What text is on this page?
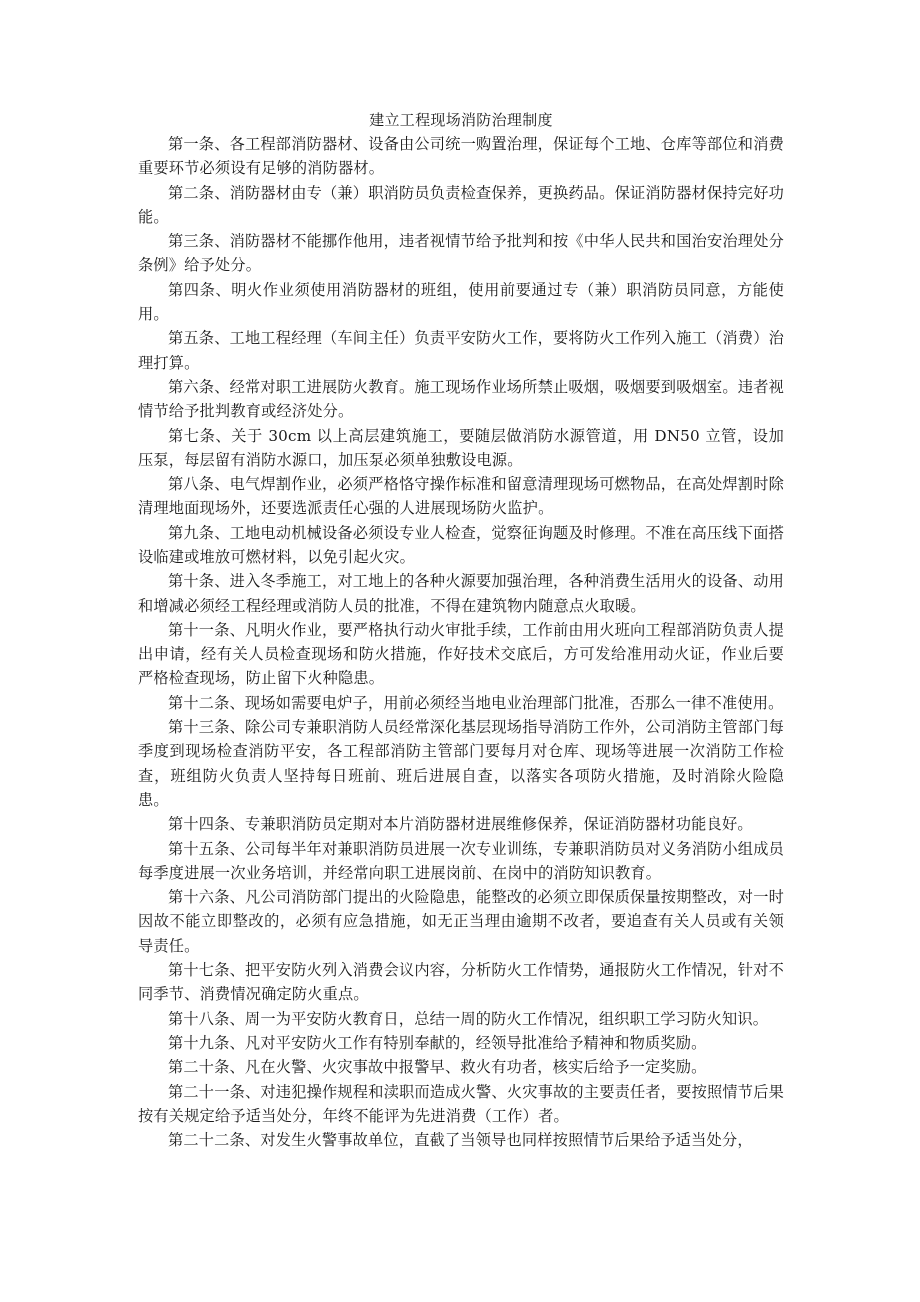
建立工程现场消防治理制度

第一条、各工程部消防器材、设备由公司统一购置治理，保证每个工地、仓库等部位和消费重要环节必须设有足够的消防器材。

第二条、消防器材由专（兼）职消防员负责检查保养，更换药品。保证消防器材保持完好功能。

第三条、消防器材不能挪作他用，违者视情节给予批判和按《中华人民共和国治安治理处分条例》给予处分。

第四条、明火作业须使用消防器材的班组，使用前要通过专（兼）职消防员同意，方能使用。

第五条、工地工程经理（车间主任）负责平安防火工作，要将防火工作列入施工（消费）治理打算。

第六条、经常对职工进展防火教育。施工现场作业场所禁止吸烟，吸烟要到吸烟室。违者视情节给予批判教育或经济处分。

第七条、关于 30cm 以上高层建筑施工，要随层做消防水源管道，用 DN50 立管，设加压泵，每层留有消防水源口，加压泵必须单独敷设电源。

第八条、电气焊割作业，必须严格恪守操作标准和留意清理现场可燃物品，在高处焊割时除清理地面现场外，还要选派责任心强的人进展现场防火监护。

第九条、工地电动机械设备必须设专业人检查，觉察征询题及时修理。不准在高压线下面搭设临建或堆放可燃材料，以免引起火灾。

第十条、进入冬季施工，对工地上的各种火源要加强治理，各种消费生活用火的设备、动用和增减必须经工程经理或消防人员的批准，不得在建筑物内随意点火取暖。

第十一条、凡明火作业，要严格执行动火审批手续，工作前由用火班向工程部消防负责人提出申请，经有关人员检查现场和防火措施，作好技术交底后，方可发给准用动火证，作业后要严格检查现场，防止留下火种隐患。

第十二条、现场如需要电炉子，用前必须经当地电业治理部门批准，否那么一律不准使用。

第十三条、除公司专兼职消防人员经常深化基层现场指导消防工作外，公司消防主管部门每季度到现场检查消防平安，各工程部消防主管部门要每月对仓库、现场等进展一次消防工作检查，班组防火负责人坚持每日班前、班后进展自查，以落实各项防火措施，及时消除火险隐患。

第十四条、专兼职消防员定期对本片消防器材进展维修保养，保证消防器材功能良好。

第十五条、公司每半年对兼职消防员进展一次专业训练，专兼职消防员对义务消防小组成员每季度进展一次业务培训，并经常向职工进展岗前、在岗中的消防知识教育。

第十六条、凡公司消防部门提出的火险隐患，能整改的必须立即保质保量按期整改，对一时因故不能立即整改的，必须有应急措施，如无正当理由逾期不改者，要追查有关人员或有关领导责任。

第十七条、把平安防火列入消费会议内容，分析防火工作情势，通报防火工作情况，针对不同季节、消费情况确定防火重点。

第十八条、周一为平安防火教育日，总结一周的防火工作情况，组织职工学习防火知识。

第十九条、凡对平安防火工作有特别奉献的，经领导批准给予精神和物质奖励。

第二十条、凡在火警、火灾事故中报警早、救火有功者，核实后给予一定奖励。

第二十一条、对违犯操作规程和渎职而造成火警、火灾事故的主要责任者，要按照情节后果按有关规定给予适当处分，年终不能评为先进消费（工作）者。

第二十二条、对发生火警事故单位，直截了当领导也同样按照情节后果给予适当处分，
